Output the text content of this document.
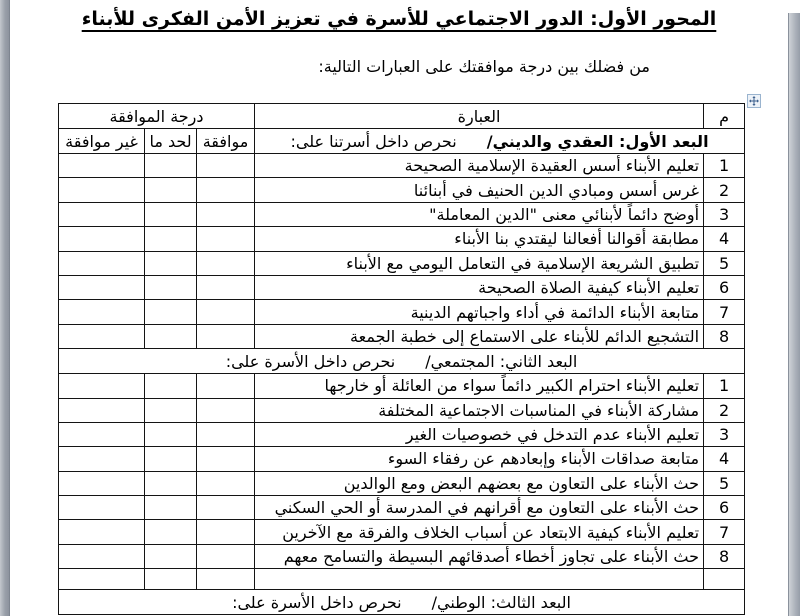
المحور الأول: الدور الاجتماعي للأسرة في تعزيز الأمن الفكرى للأبناء
من فضلك بين درجة موافقتك على العبارات التالية:
م	العبارة	درجة الموافقة		
البعد الأول: العقدي والديني/نحرص داخل أسرتنا على:		موافقة	لحد ما	غير موافقة
1	تعليم الأبناء أسس العقيدة الإسلامية الصحيحة			
2	غرس أسس ومبادي الدين الحنيف في أبنائنا			
3	أوضح دائماً لأبنائي معنى "الدين المعاملة"			
4	مطابقة أقوالنا أفعالنا ليقتدي بنا الأبناء			
5	تطبيق الشريعة الإسلامية في التعامل اليومي مع الأبناء			
6	تعليم الأبناء كيفية الصلاة الصحيحة			
7	متابعة الأبناء الدائمة في أداء واجباتهم الدينية			
8	التشجيع الدائم للأبناء على الاستماع إلى خطبة الجمعة			
البعد الثاني: المجتمعي/نحرص داخل الأسرة على:				
1	تعليم الأبناء احترام الكبير دائماً سواء من العائلة أو خارجها			
2	مشاركة الأبناء في المناسبات الاجتماعية المختلفة			
3	تعليم الأبناء عدم التدخل في خصوصيات الغير			
4	متابعة صداقات الأبناء وإبعادهم عن رفقاء السوء			
5	حث الأبناء على التعاون مع بعضهم البعض ومع الوالدين			
6	حث الأبناء على التعاون مع أقرانهم في المدرسة أو الحي السكني			
7	تعليم الأبناء كيفية الابتعاد عن أسباب الخلاف والفرقة مع الآخرين			
8	حث الأبناء على تجاوز أخطاء أصدقائهم البسيطة والتسامح معهم			

البعد الثالث: الوطني/نحرص داخل الأسرة على:				
